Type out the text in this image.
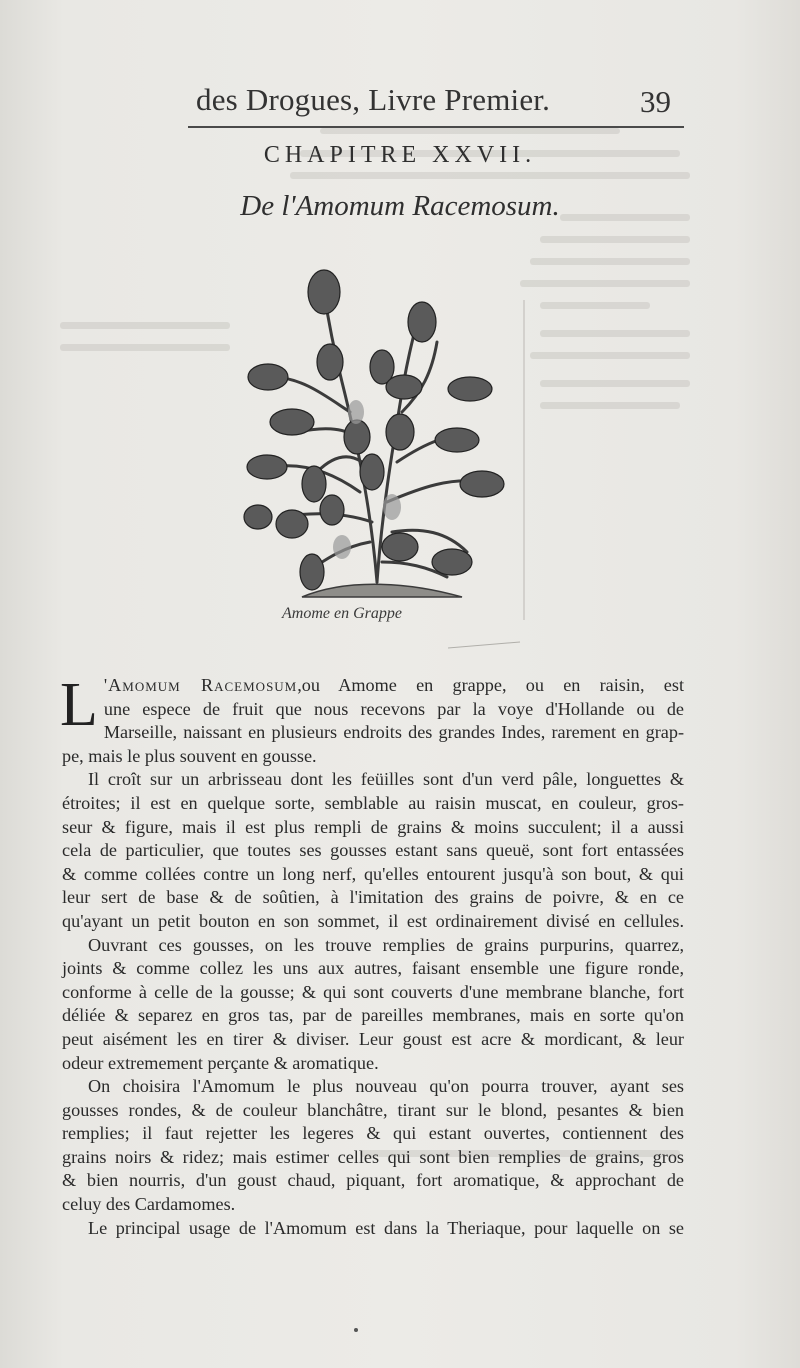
des Drogues, Livre Premier.	39
CHAPITRE XXVII.
De l'Amomum Racemosum.
Amome en Grappe
L 'Amomum Racemosum,ou Amome en grappe, ou en raisin, est
une espece de fruit que nous recevons par la voye d'Hollande ou de
Marseille, naissant en plusieurs endroits des grandes Indes, rarement en grap-
pe, mais le plus souvent en gousse.
Il croît sur un arbrisseau dont les feüilles sont d'un verd pâle, longuettes &
étroites; il est en quelque sorte, semblable au raisin muscat, en couleur, gros-
seur & figure, mais il est plus rempli de grains & moins succulent; il a aussi
cela de particulier, que toutes ses gousses estant sans queuë, sont fort entassées
& comme collées contre un long nerf, qu'elles entourent jusqu'à son bout, & qui
leur sert de base & de soûtien, à l'imitation des grains de poivre, & en ce
qu'ayant un petit bouton en son sommet, il est ordinairement divisé en cellules.
Ouvrant ces gousses, on les trouve remplies de grains purpurins, quarrez,
joints & comme collez les uns aux autres, faisant ensemble une figure ronde,
conforme à celle de la gousse; & qui sont couverts d'une membrane blanche, fort
déliée & separez en gros tas, par de pareilles membranes, mais en sorte qu'on
peut aisément les en tirer & diviser. Leur goust est acre & mordicant, & leur
odeur extremement perçante & aromatique.
On choisira l'Amomum le plus nouveau qu'on pourra trouver, ayant ses
gousses rondes, & de couleur blanchâtre, tirant sur le blond, pesantes & bien
remplies; il faut rejetter les legeres & qui estant ouvertes, contiennent des
grains noirs & ridez; mais estimer celles qui sont bien remplies de grains, gros
& bien nourris, d'un goust chaud, piquant, fort aromatique, & approchant de
celuy des Cardamomes.
Le principal usage de l'Amomum est dans la Theriaque, pour laquelle on se
